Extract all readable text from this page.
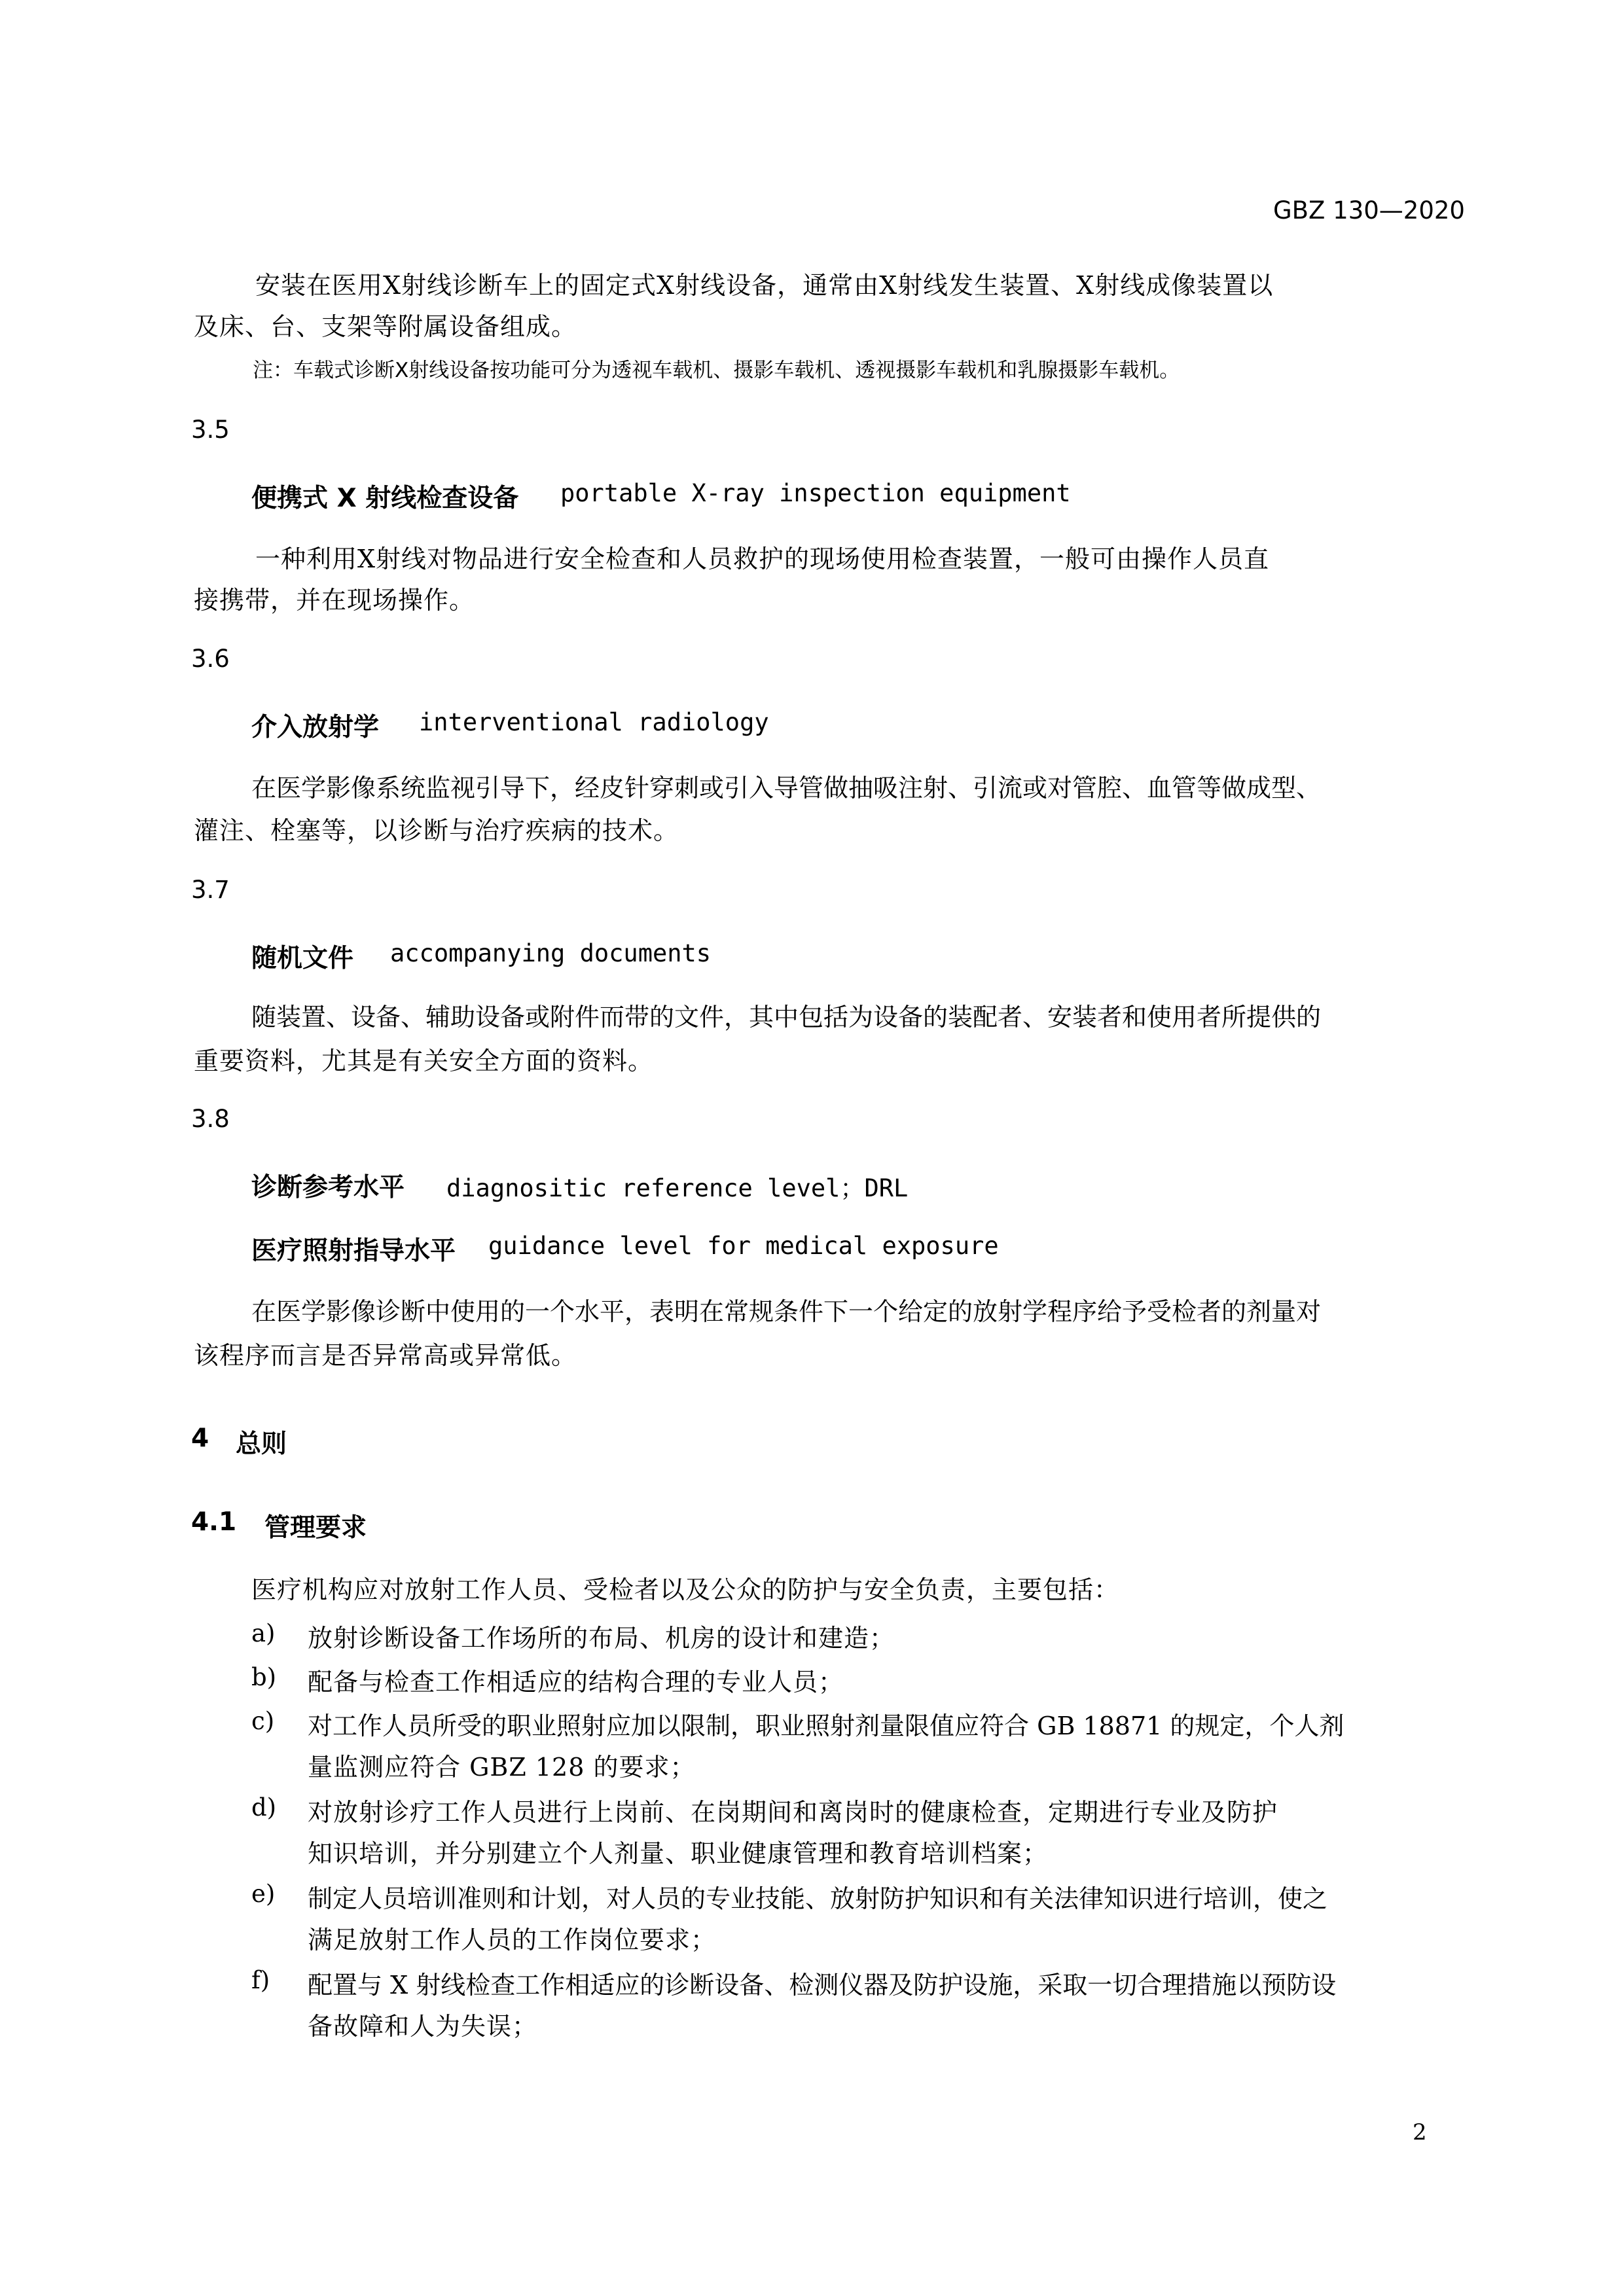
GBZ 130—2020
安装在医用X射线诊断车上的固定式X射线设备，通常由X射线发生装置、X射线成像装置以
及床、台、支架等附属设备组成。
注：车载式诊断X射线设备按功能可分为透视车载机、摄影车载机、透视摄影车载机和乳腺摄影车载机。
3.5
便携式 X 射线检查设备 portable X-ray inspection equipment
一种利用X射线对物品进行安全检查和人员救护的现场使用检查装置，一般可由操作人员直
接携带，并在现场操作。
3.6
介入放射学 interventional radiology
在医学影像系统监视引导下，经皮针穿刺或引入导管做抽吸注射、引流或对管腔、血管等做成型、
灌注、栓塞等，以诊断与治疗疾病的技术。
3.7
随机文件 accompanying documents
随装置、设备、辅助设备或附件而带的文件，其中包括为设备的装配者、安装者和使用者所提供的
重要资料，尤其是有关安全方面的资料。
3.8
诊断参考水平 diagnositic reference level；DRL
医疗照射指导水平 guidance level for medical exposure
在医学影像诊断中使用的一个水平，表明在常规条件下一个给定的放射学程序给予受检者的剂量对
该程序而言是否异常高或异常低。
4 总则
4.1 管理要求
医疗机构应对放射工作人员、受检者以及公众的防护与安全负责，主要包括：
a) 放射诊断设备工作场所的布局、机房的设计和建造；
b) 配备与检查工作相适应的结构合理的专业人员；
c) 对工作人员所受的职业照射应加以限制，职业照射剂量限值应符合 GB 18871 的规定，个人剂
量监测应符合 GBZ 128 的要求；
d) 对放射诊疗工作人员进行上岗前、在岗期间和离岗时的健康检查，定期进行专业及防护
知识培训，并分别建立个人剂量、职业健康管理和教育培训档案；
e) 制定人员培训准则和计划，对人员的专业技能、放射防护知识和有关法律知识进行培训，使之
满足放射工作人员的工作岗位要求；
f) 配置与 X 射线检查工作相适应的诊断设备、检测仪器及防护设施，采取一切合理措施以预防设
备故障和人为失误；
2
